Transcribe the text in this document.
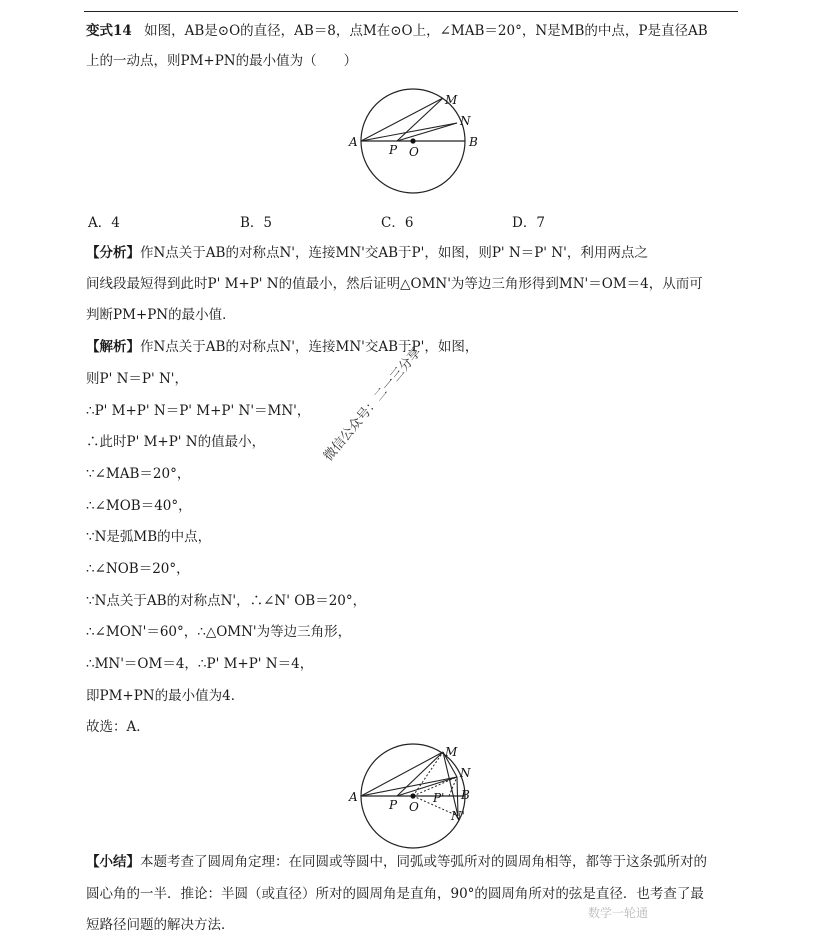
变式14 如图，AB是⊙O的直径，AB＝8，点M在⊙O上，∠MAB＝20°，N是MB的中点，P是直径AB
上的一动点，则PM+PN的最小值为（　　）
A	B
M
N
P O
A．4	B．5	C．6	D．7
【分析】作N点关于AB的对称点N'，连接MN'交AB于P'，如图，则P' N＝P' N'，利用两点之
间线段最短得到此时P' M+P' N的值最小，然后证明△OMN'为等边三角形得到MN'＝OM＝4，从而可
判断PM+PN的最小值．
【解析】作N点关于AB的对称点N'，连接MN'交AB于P'，如图，
则P' N＝P' N'，
∴P' M+P' N＝P' M+P' N'＝MN'，
∴此时P' M+P' N的值最小，
∵∠MAB＝20°，
∴∠MOB＝40°，
∵N是弧MB的中点，
∴∠NOB＝20°，
∵N点关于AB的对称点N'，∴∠N' OB＝20°，
∴∠MON'＝60°，∴△OMN'为等边三角形，
∴MN'＝OM＝4，∴P' M+P' N＝4，
即PM+PN的最小值为4．
故选：A．
A	B
M
N
P O
P'
N'
【小结】本题考查了圆周角定理：在同圆或等圆中，同弧或等弧所对的圆周角相等，都等于这条弧所对的
圆心角的一半．推论：半圆（或直径）所对的圆周角是直角，90°的圆周角所对的弦是直径．也考查了最
短路径问题的解决方法．
微信公众号：二一三分享
数学一轮通
